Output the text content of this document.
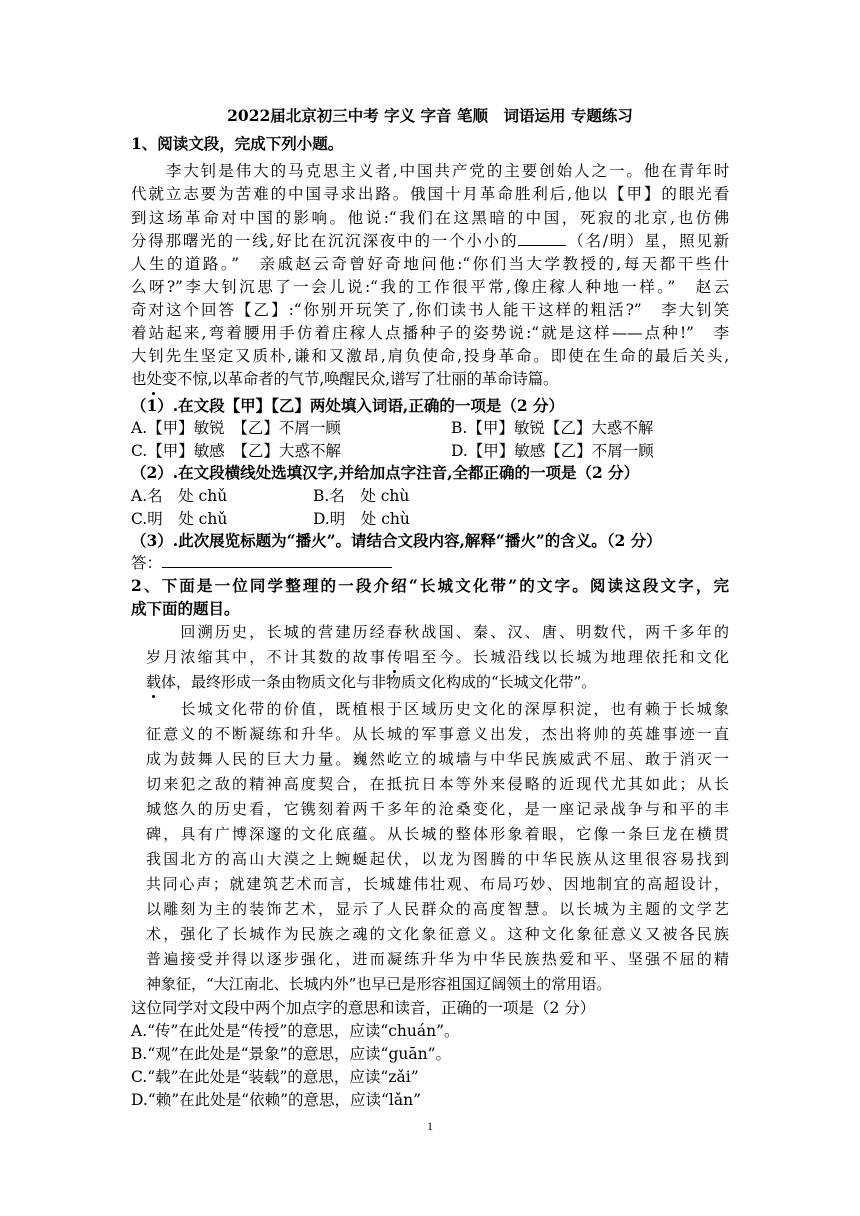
2022届北京初三中考 字义 字音 笔顺　词语运用 专题练习
1、阅读文段，完成下列小题。
　　李大钊是伟大的马克思主义者,中国共产党的主要创始人之一。他在青年时
代就立志要为苦难的中国寻求出路。俄国十月革命胜利后,他以【甲】的眼光看
到这场革命对中国的影响。他说:“我们在这黑暗的中国，死寂的北京,也仿佛
分得那曙光的一线,好比在沉沉深夜中的一个小小的	（名/明）星，照见新
人生的道路。”　亲戚赵云奇曾好奇地问他:“你们当大学教授的,每天都干些什
么呀?”李大钊沉思了一会儿说:“我的工作很平常,像庄稼人种地一样。”　赵云
奇对这个回答【乙】:“你别开玩笑了,你们读书人能干这样的粗活?”　李大钊笑
着站起来,弯着腰用手仿着庄稼人点播种子的姿势说:“就是这样——点种!”　李
大钊先生坚定又质朴,谦和又激昂,肩负使命,投身革命。即使在生命的最后关头,
也处变不惊,以革命者的气节,唤醒民众,谱写了壮丽的革命诗篇。
（1）.在文段【甲】【乙】两处填入词语,正确的一项是（2 分）
A.【甲】敏锐　【乙】不屑一顾	B.【甲】敏锐【乙】大惑不解
C.【甲】敏感　【乙】大惑不解	D.【甲】敏感【乙】不屑一顾
（2）.在文段横线处选填汉字,并给加点字注音,全都正确的一项是（2 分）
A.名　处 chǔ	B.名　处 chù
C.明　处 chǔ	D.明　处 chù
（3）.此次展览标题为“播火”。请结合文段内容,解释“播火”的含义。（2 分）
答：
2、下面是一位同学整理的一段介绍“长城文化带”的文字。阅读这段文字，完
成下面的题目。
　　回溯历史，长城的营建历经春秋战国、秦、汉、唐、明数代，两千多年的
岁月浓缩其中，不计其数的故事传唱至今。长城沿线以长城为地理依托和文化
载体，最终形成一条由物质文化与非物质文化构成的“长城文化带”。
　　长城文化带的价值，既植根于区域历史文化的深厚积淀，也有赖于长城象
征意义的不断凝练和升华。从长城的军事意义出发，杰出将帅的英雄事迹一直
成为鼓舞人民的巨大力量。巍然屹立的城墙与中华民族威武不屈、敢于消灭一
切来犯之敌的精神高度契合，在抵抗日本等外来侵略的近现代尤其如此；从长
城悠久的历史看，它镌刻着两千多年的沧桑变化，是一座记录战争与和平的丰
碑，具有广博深邃的文化底蕴。从长城的整体形象着眼，它像一条巨龙在横贯
我国北方的高山大漠之上蜿蜒起伏，以龙为图腾的中华民族从这里很容易找到
共同心声；就建筑艺术而言，长城雄伟壮观、布局巧妙、因地制宜的高超设计，
以雕刻为主的装饰艺术，显示了人民群众的高度智慧。以长城为主题的文学艺
术，强化了长城作为民族之魂的文化象征意义。这种文化象征意义又被各民族
普遍接受并得以逐步强化，进而凝练升华为中华民族热爱和平、坚强不屈的精
神象征，“大江南北、长城内外”也早已是形容祖国辽阔领土的常用语。
这位同学对文段中两个加点字的意思和读音，正确的一项是（2 分）
A.“传”在此处是“传授”的意思，应读“chuán”。
B.“观”在此处是“景象”的意思，应读“guān”。
C.“载”在此处是“装载”的意思，应读“zǎi”
D.“赖”在此处是“依赖”的意思，应读“lǎn”
1
